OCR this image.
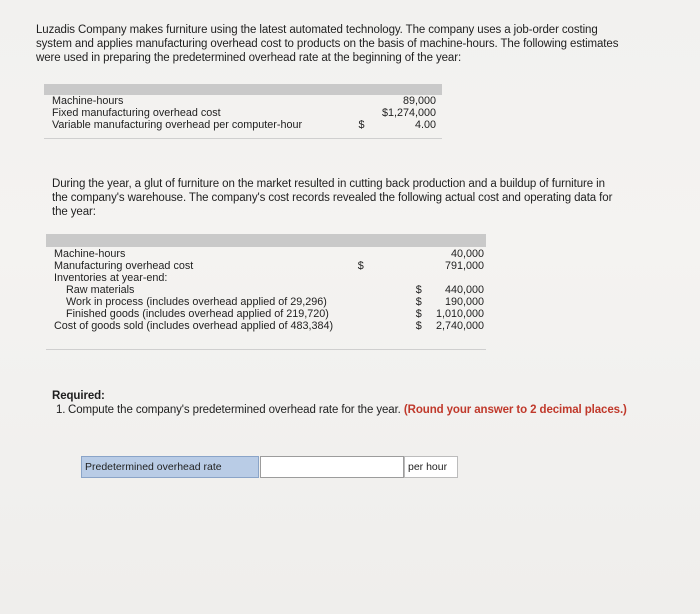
Luzadis Company makes furniture using the latest automated technology. The company uses a job-order costing system and applies manufacturing overhead cost to products on the basis of machine-hours. The following estimates were used in preparing the predetermined overhead rate at the beginning of the year:
Machine-hours		89,000
Fixed manufacturing overhead cost		$1,274,000
Variable manufacturing overhead per computer-hour	$	4.00
During the year, a glut of furniture on the market resulted in cutting back production and a buildup of furniture in the company's warehouse. The company's cost records revealed the following actual cost and operating data for the year:
Machine-hours		40,000
Manufacturing overhead cost	$	791,000
Inventories at year-end:		
Raw materials	$	440,000
Work in process (includes overhead applied of 29,296)	$	190,000
Finished goods (includes overhead applied of 219,720)	$	1,010,000
Cost of goods sold (includes overhead applied of 483,384)	$	2,740,000
Required:
1. Compute the company's predetermined overhead rate for the year. (Round your answer to 2 decimal places.)
Predetermined overhead rate	per hour
